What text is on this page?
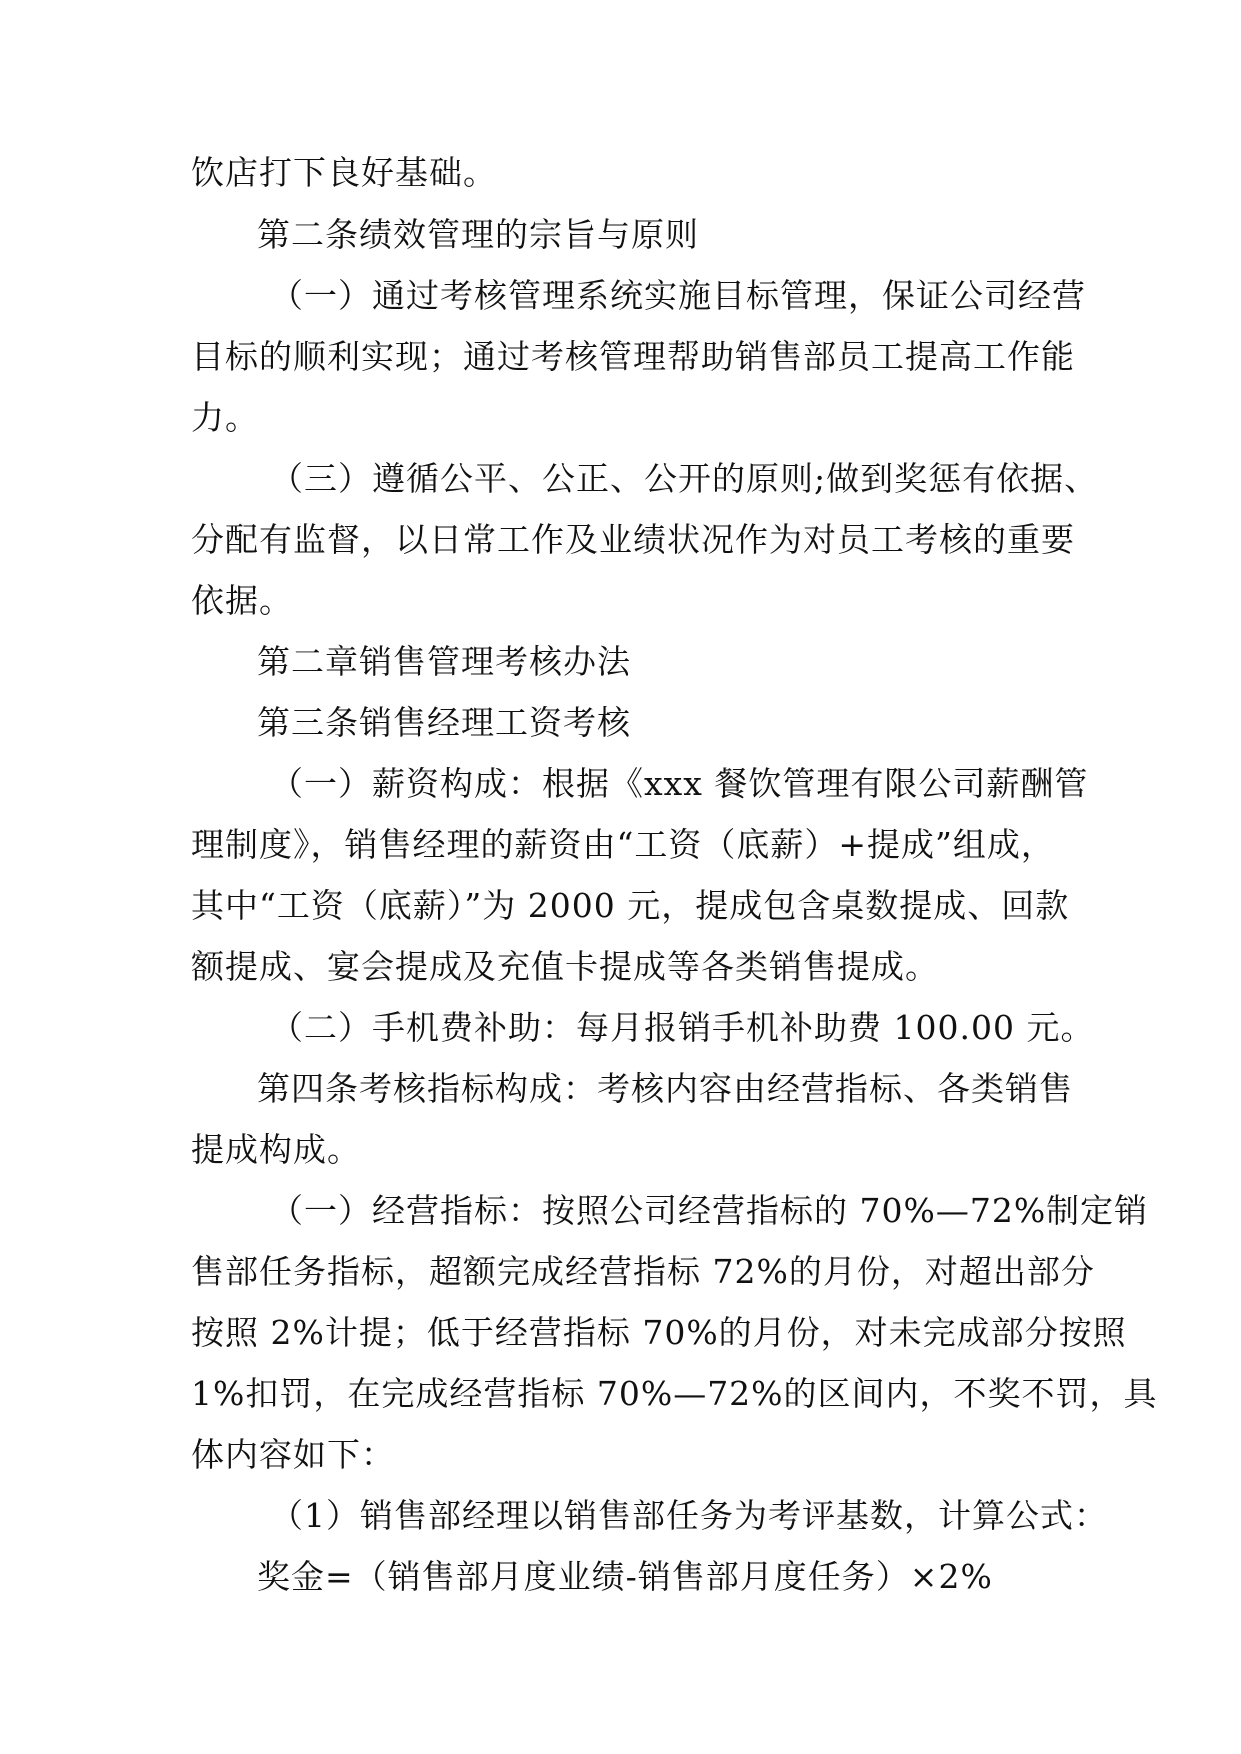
饮店打下良好基础。
第二条绩效管理的宗旨与原则
（一）通过考核管理系统实施目标管理，保证公司经营
目标的顺利实现；通过考核管理帮助销售部员工提高工作能
力。
（三）遵循公平、公正、公开的原则;做到奖惩有依据、
分配有监督，以日常工作及业绩状况作为对员工考核的重要
依据。
第二章销售管理考核办法
第三条销售经理工资考核
（一）薪资构成：根据《xxx 餐饮管理有限公司薪酬管
理制度》，销售经理的薪资由“工资（底薪）+提成”组成，
其中“工资（底薪）”为 2000 元，提成包含桌数提成、回款
额提成、宴会提成及充值卡提成等各类销售提成。
（二）手机费补助：每月报销手机补助费 100.00 元。
第四条考核指标构成：考核内容由经营指标、各类销售
提成构成。
（一）经营指标：按照公司经营指标的 70%—72%制定销
售部任务指标，超额完成经营指标 72%的月份，对超出部分
按照 2%计提；低于经营指标 70%的月份，对未完成部分按照
1%扣罚，在完成经营指标 70%—72%的区间内，不奖不罚，具
体内容如下：
（1）销售部经理以销售部任务为考评基数，计算公式：
奖金=（销售部月度业绩-销售部月度任务）×2%
